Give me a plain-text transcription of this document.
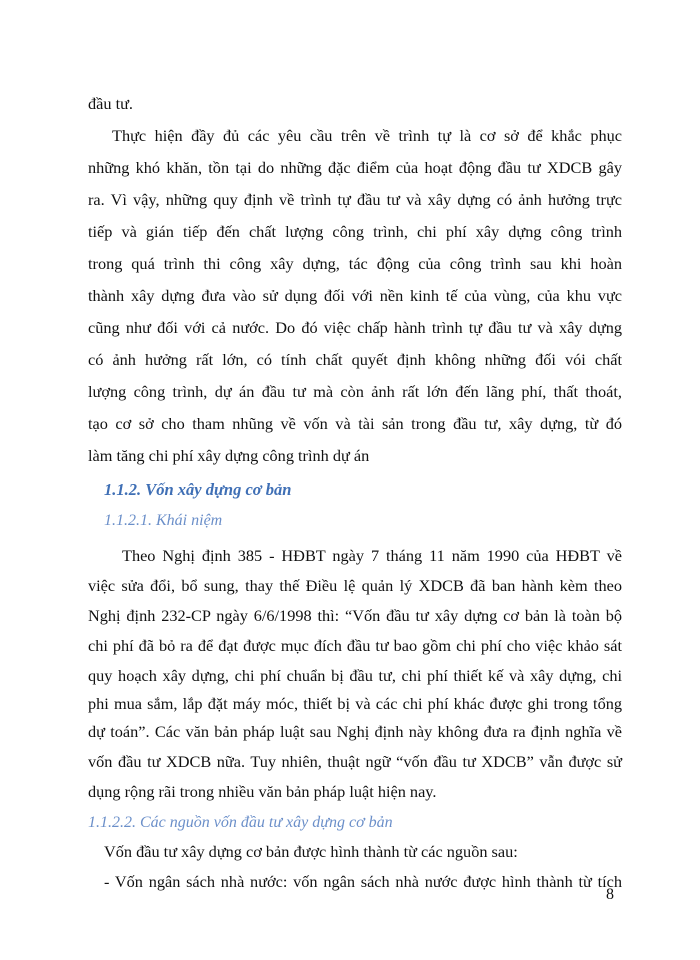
đầu tư.
Thực hiện đầy đủ các yêu cầu trên về trình tự là cơ sở để khắc phục
những khó khăn, tồn tại do những đặc điểm của hoạt động đầu tư XDCB gây
ra. Vì vậy, những quy định về trình tự đầu tư và xây dựng có ảnh hưởng trực
tiếp và gián tiếp đến chất lượng công trình, chi phí xây dựng công trình
trong quá trình thi công xây dựng, tác động của công trình sau khi hoàn
thành xây dựng đưa vào sử dụng đối với nền kinh tế của vùng, của khu vực
cũng như đối với cả nước. Do đó việc chấp hành trình tự đầu tư và xây dựng
có ảnh hưởng rất lớn, có tính chất quyết định không những đối vói chất
lượng công trình, dự án đầu tư mà còn ảnh rất lớn đến lãng phí, thất thoát,
tạo cơ sở cho tham nhũng về vốn và tài sản trong đầu tư, xây dựng, từ đó
làm tăng chi phí xây dựng công trình dự án
1.1.2. Vốn xây dựng cơ bản
1.1.2.1. Khái niệm
Theo Nghị định 385 - HĐBT ngày 7 tháng 11 năm 1990 của HĐBT về
việc sửa đổi, bổ sung, thay thế Điều lệ quản lý XDCB đã ban hành kèm theo
Nghị định 232-CP ngày 6/6/1998 thì: “Vốn đầu tư xây dựng cơ bản là toàn bộ
chi phí đã bỏ ra để đạt được mục đích đầu tư bao gồm chi phí cho việc khảo sát
quy hoạch xây dựng, chi phí chuẩn bị đầu tư, chi phí thiết kế và xây dựng, chi
phi mua sắm, lắp đặt máy móc, thiết bị và các chi phí khác được ghi trong tổng
dự toán”. Các văn bản pháp luật sau Nghị định này không đưa ra định nghĩa về
vốn đầu tư XDCB nữa. Tuy nhiên, thuật ngữ “vốn đầu tư XDCB” vẫn được sử
dụng rộng rãi trong nhiều văn bản pháp luật hiện nay.
1.1.2.2. Các nguồn vốn đầu tư xây dựng cơ bản
Vốn đầu tư xây dựng cơ bản được hình thành từ các nguồn sau:
- Vốn ngân sách nhà nước: vốn ngân sách nhà nước được hình thành từ tích
8
